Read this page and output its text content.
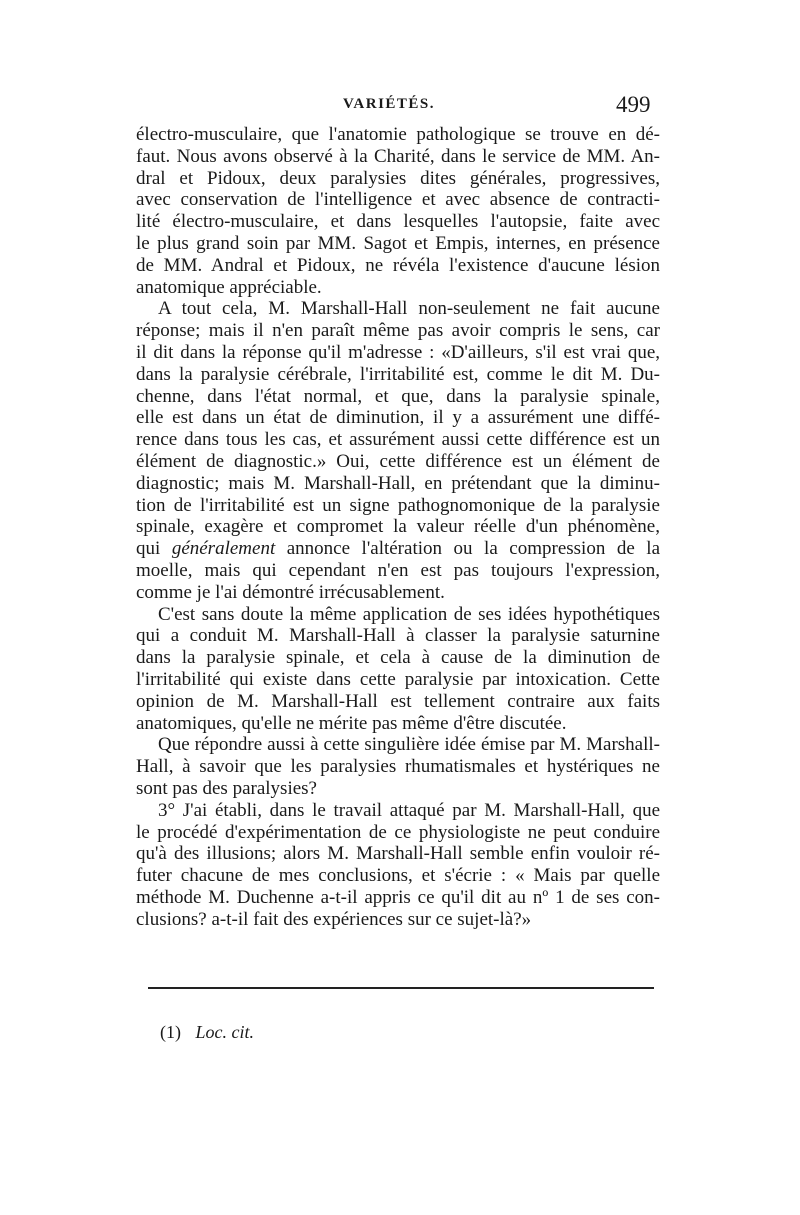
VARIÉTÉS.	499
électro-musculaire, que l'anatomie pathologique se trouve en dé-
faut. Nous avons observé à la Charité, dans le service de MM. An-
dral et Pidoux, deux paralysies dites générales, progressives,
avec conservation de l'intelligence et avec absence de contracti-
lité électro-musculaire, et dans lesquelles l'autopsie, faite avec
le plus grand soin par MM. Sagot et Empis, internes, en présence
de MM. Andral et Pidoux, ne révéla l'existence d'aucune lésion
anatomique appréciable.
A tout cela, M. Marshall-Hall non-seulement ne fait aucune
réponse; mais il n'en paraît même pas avoir compris le sens, car
il dit dans la réponse qu'il m'adresse : «D'ailleurs, s'il est vrai que,
dans la paralysie cérébrale, l'irritabilité est, comme le dit M. Du-
chenne, dans l'état normal, et que, dans la paralysie spinale,
elle est dans un état de diminution, il y a assurément une diffé-
rence dans tous les cas, et assurément aussi cette différence est un
élément de diagnostic.» Oui, cette différence est un élément de
diagnostic; mais M. Marshall-Hall, en prétendant que la diminu-
tion de l'irritabilité est un signe pathognomonique de la paralysie
spinale, exagère et compromet la valeur réelle d'un phénomène,
qui généralement annonce l'altération ou la compression de la
moelle, mais qui cependant n'en est pas toujours l'expression,
comme je l'ai démontré irrécusablement.
C'est sans doute la même application de ses idées hypothétiques
qui a conduit M. Marshall-Hall à classer la paralysie saturnine
dans la paralysie spinale, et cela à cause de la diminution de
l'irritabilité qui existe dans cette paralysie par intoxication. Cette
opinion de M. Marshall-Hall est tellement contraire aux faits
anatomiques, qu'elle ne mérite pas même d'être discutée.
Que répondre aussi à cette singulière idée émise par M. Marshall-
Hall, à savoir que les paralysies rhumatismales et hystériques ne
sont pas des paralysies?
3° J'ai établi, dans le travail attaqué par M. Marshall-Hall, que
le procédé d'expérimentation de ce physiologiste ne peut conduire
qu'à des illusions; alors M. Marshall-Hall semble enfin vouloir ré-
futer chacune de mes conclusions, et s'écrie : « Mais par quelle
méthode M. Duchenne a-t-il appris ce qu'il dit au nº 1 de ses con-
clusions? a-t-il fait des expériences sur ce sujet-là?»
(1) Loc. cit.
